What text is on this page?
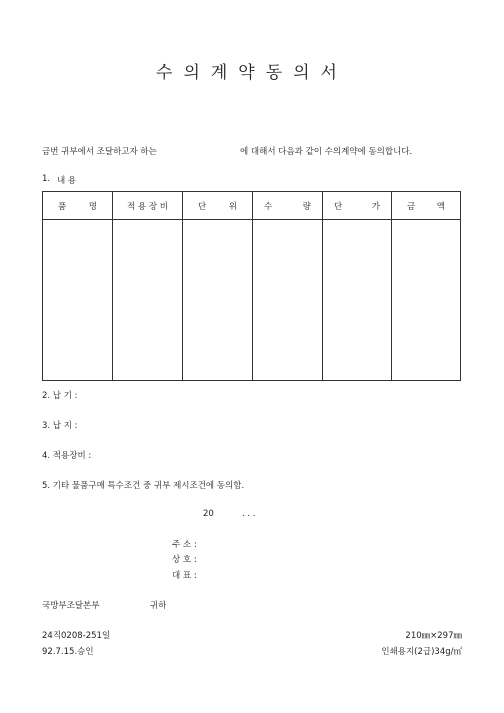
수의계약동의서
금번 귀부에서 조달하고자 하는	에 대해서 다음과 같이 수의계약에 동의합니다.
1. 내 용
품 명	적 용 장 비	단 위	수 량	단 가	금 액

2. 납 기 :
3. 납 지 :
4. 적용장비 :
5. 기타 물품구매 특수조건 중 귀부 제시조건에 동의함.
20	. . .
주 소 :
상 호 :
대 표 :
국방부조달본부	귀하
24직0208-251일
92.7.15.승인
210㎜×297㎜
인쇄용지(2급)34g/㎡
